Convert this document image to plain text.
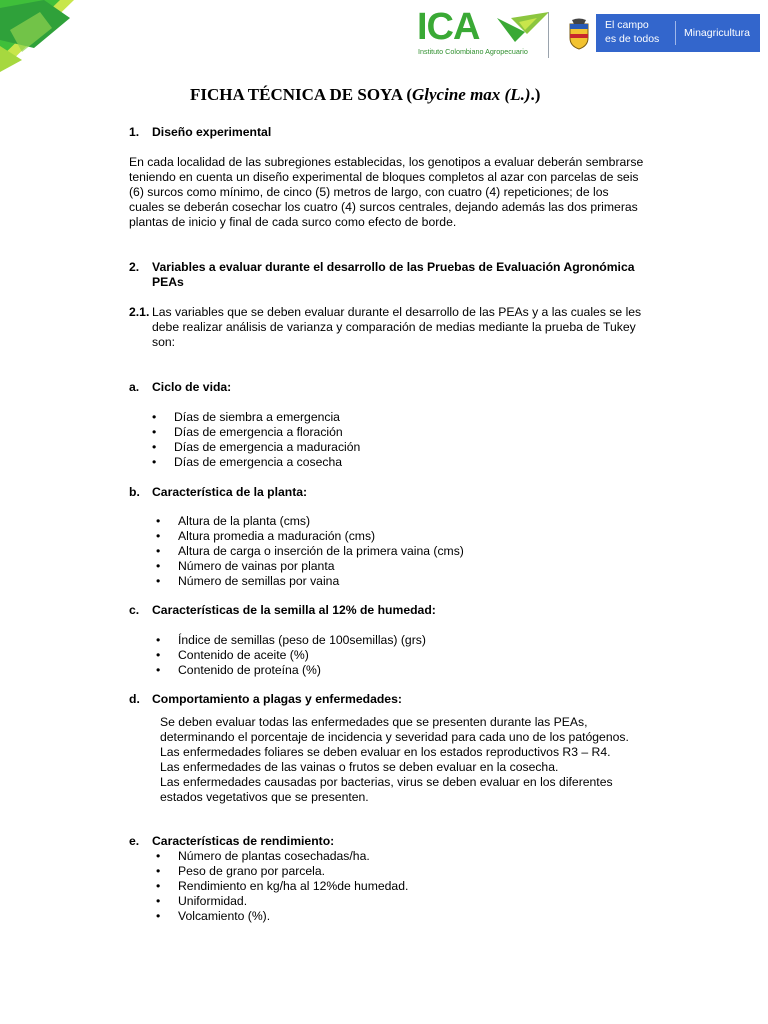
ICA
Instituto Colombiano Agropecuario
El campo
es de todos Minagricultura
FICHA TÉCNICA DE SOYA (Glycine max (L.).)
1. Diseño experimental
En cada localidad de las subregiones establecidas, los genotipos a evaluar deberán sembrarse
teniendo en cuenta un diseño experimental de bloques completos al azar con parcelas de seis
(6) surcos como mínimo, de cinco (5) metros de largo, con cuatro (4) repeticiones; de los
cuales se deberán cosechar los cuatro (4) surcos centrales, dejando además las dos primeras
plantas de inicio y final de cada surco como efecto de borde.
2. Variables a evaluar durante el desarrollo de las Pruebas de Evaluación Agronómica
PEAs
2.1. Las variables que se deben evaluar durante el desarrollo de las PEAs y a las cuales se les
debe realizar análisis de varianza y comparación de medias mediante la prueba de Tukey
son:
a. Ciclo de vida:
• Días de siembra a emergencia
• Días de emergencia a floración
• Días de emergencia a maduración
• Días de emergencia a cosecha
b. Característica de la planta:
• Altura de la planta (cms)
• Altura promedia a maduración (cms)
• Altura de carga o inserción de la primera vaina (cms)
• Número de vainas por planta
• Número de semillas por vaina
c. Características de la semilla al 12% de humedad:
• Índice de semillas (peso de 100semillas) (grs)
• Contenido de aceite (%)
• Contenido de proteína (%)
d. Comportamiento a plagas y enfermedades:
Se deben evaluar todas las enfermedades que se presenten durante las PEAs,
determinando el porcentaje de incidencia y severidad para cada uno de los patógenos.
Las enfermedades foliares se deben evaluar en los estados reproductivos R3 – R4.
Las enfermedades de las vainas o frutos se deben evaluar en la cosecha.
Las enfermedades causadas por bacterias, virus se deben evaluar en los diferentes
estados vegetativos que se presenten.
e. Características de rendimiento:
• Número de plantas cosechadas/ha.
• Peso de grano por parcela.
• Rendimiento en kg/ha al 12%de humedad.
• Uniformidad.
• Volcamiento (%).
